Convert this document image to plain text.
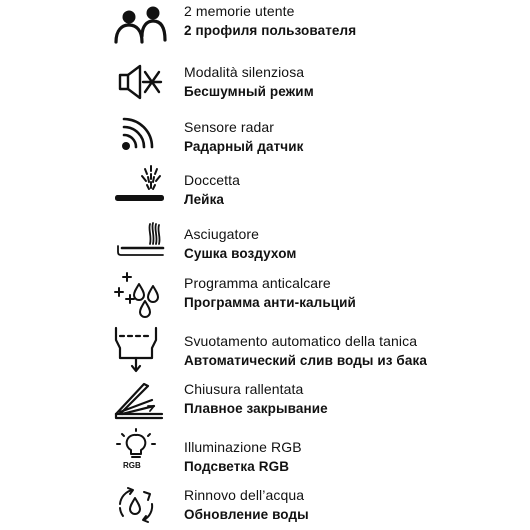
2 memorie utente
2 профиля пользователя
Modalità silenziosa
Бесшумный режим
Sensore radar
Радарный датчик
Doccetta
Лейка
Asciugatore
Сушка воздухом
Programma anticalcare
Программа анти-кальций
Svuotamento automatico della tanica
Автоматический слив воды из бака
Chiusura rallentata
Плавное закрывание
RGB
Illuminazione RGB
Подсветка RGB
Rinnovo dell’acqua
Обновление воды
